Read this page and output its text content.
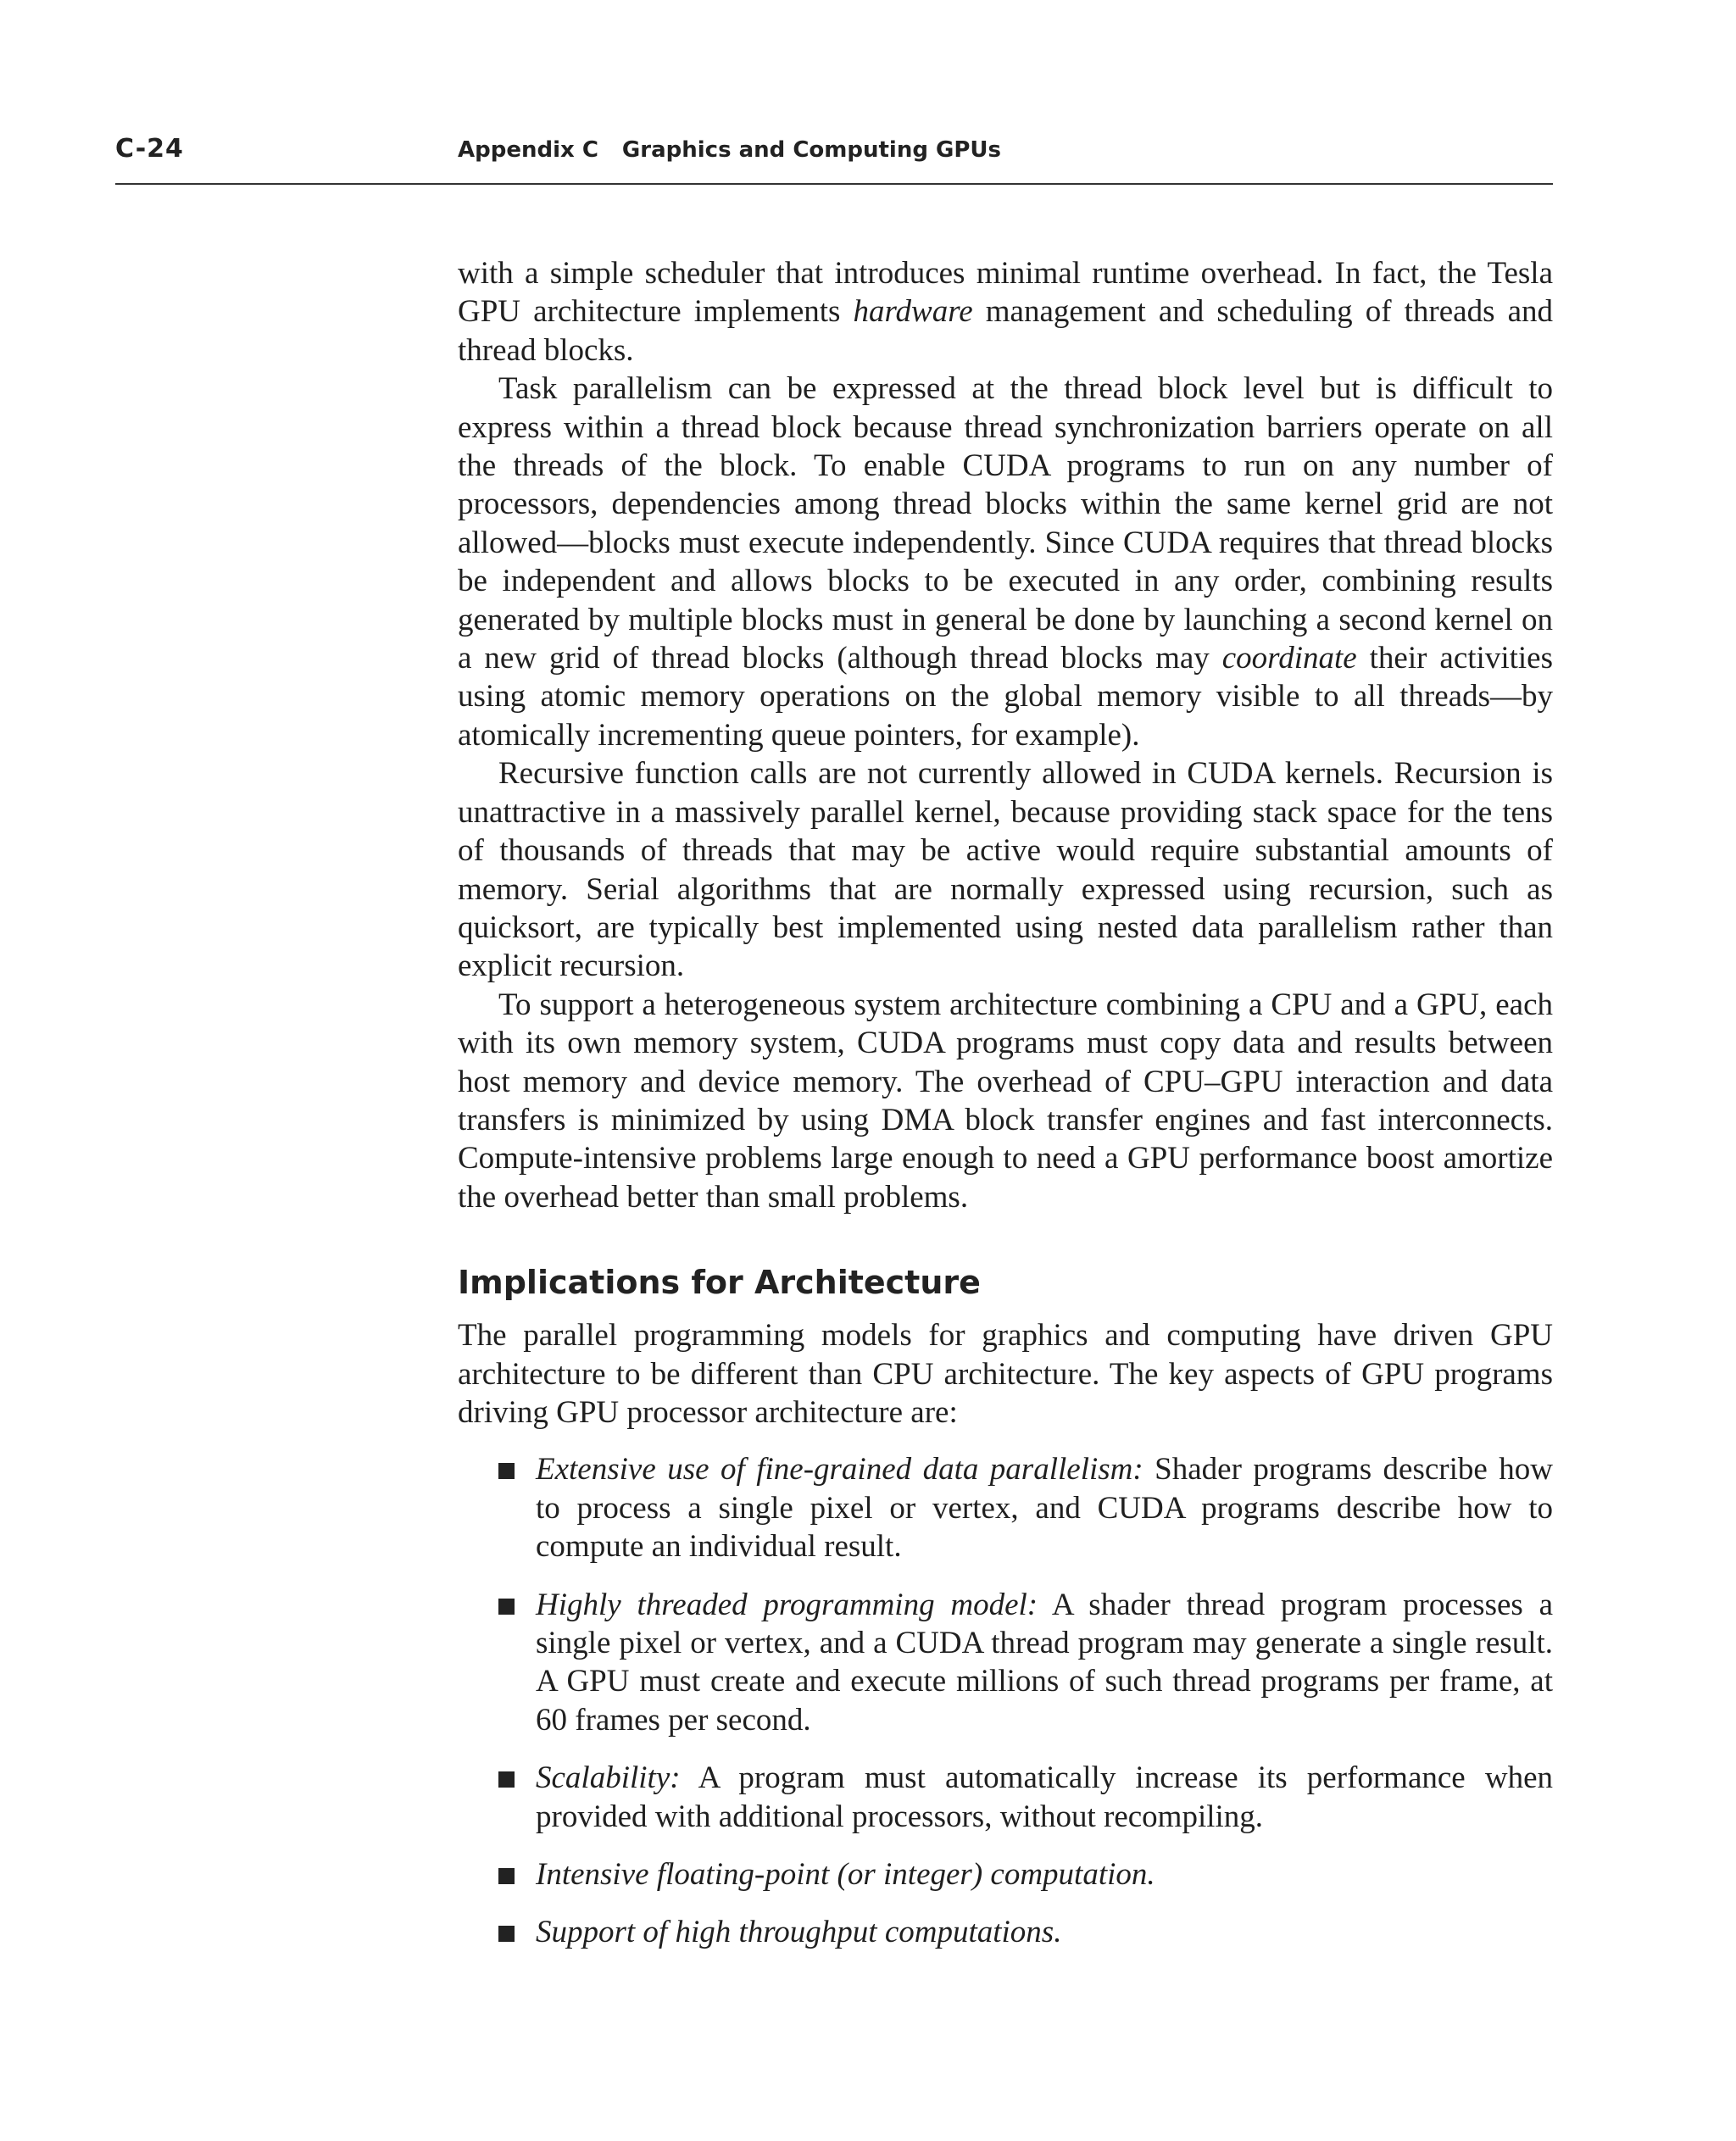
C-24	Appendix C Graphics and Computing GPUs

with a simple scheduler that introduces minimal runtime overhead. In fact, the Tesla GPU architecture implements hardware management and scheduling of threads and thread blocks.

Task parallelism can be expressed at the thread block level but is difficult to express within a thread block because thread synchronization barriers operate on all the threads of the block. To enable CUDA programs to run on any number of processors, dependencies among thread blocks within the same kernel grid are not allowed—blocks must execute independently. Since CUDA requires that thread blocks be independent and allows blocks to be executed in any order, combining results generated by multiple blocks must in general be done by launching a second kernel on a new grid of thread blocks (although thread blocks may coordinate their activities using atomic memory operations on the global memory visible to all threads—by atomically incrementing queue pointers, for example).

Recursive function calls are not currently allowed in CUDA kernels. Recursion is unattractive in a massively parallel kernel, because providing stack space for the tens of thousands of threads that may be active would require substantial amounts of memory. Serial algorithms that are normally expressed using recursion, such as quicksort, are typically best implemented using nested data parallelism rather than explicit recursion.

To support a heterogeneous system architecture combining a CPU and a GPU, each with its own memory system, CUDA programs must copy data and results between host memory and device memory. The overhead of CPU–GPU interaction and data transfers is minimized by using DMA block transfer engines and fast interconnects. Compute-intensive problems large enough to need a GPU performance boost amortize the overhead better than small problems.

Implications for Architecture

The parallel programming models for graphics and computing have driven GPU architecture to be different than CPU architecture. The key aspects of GPU programs driving GPU processor architecture are:

Extensive use of fine-grained data parallelism: Shader programs describe how to process a single pixel or vertex, and CUDA programs describe how to compute an individual result.
Highly threaded programming model: A shader thread program processes a single pixel or vertex, and a CUDA thread program may generate a single result. A GPU must create and execute millions of such thread programs per frame, at 60 frames per second.
Scalability: A program must automatically increase its performance when provided with additional processors, without recompiling.
Intensive floating-point (or integer) computation.
Support of high throughput computations.
